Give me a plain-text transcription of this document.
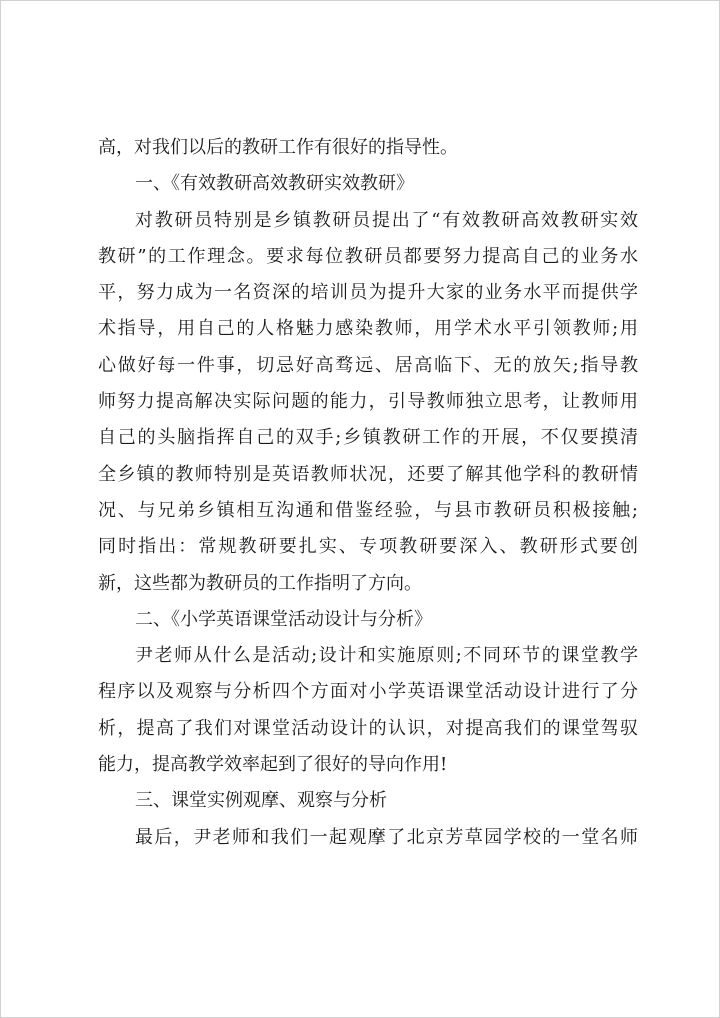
高，对我们以后的教研工作有很好的指导性。
一、《有效教研高效教研实效教研》
对教研员特别是乡镇教研员提出了“有效教研高效教研实效
教研”的工作理念。要求每位教研员都要努力提高自己的业务水
平，努力成为一名资深的培训员为提升大家的业务水平而提供学
术指导，用自己的人格魅力感染教师，用学术水平引领教师;用
心做好每一件事，切忌好高骛远、居高临下、无的放矢;指导教
师努力提高解决实际问题的能力，引导教师独立思考，让教师用
自己的头脑指挥自己的双手;乡镇教研工作的开展，不仅要摸清
全乡镇的教师特别是英语教师状况，还要了解其他学科的教研情
况、与兄弟乡镇相互沟通和借鉴经验，与县市教研员积极接触;
同时指出：常规教研要扎实、专项教研要深入、教研形式要创
新，这些都为教研员的工作指明了方向。
二、《小学英语课堂活动设计与分析》
尹老师从什么是活动;设计和实施原则;不同环节的课堂教学
程序以及观察与分析四个方面对小学英语课堂活动设计进行了分
析，提高了我们对课堂活动设计的认识，对提高我们的课堂驾驭
能力，提高教学效率起到了很好的导向作用!
三、课堂实例观摩、观察与分析
最后，尹老师和我们一起观摩了北京芳草园学校的一堂名师
